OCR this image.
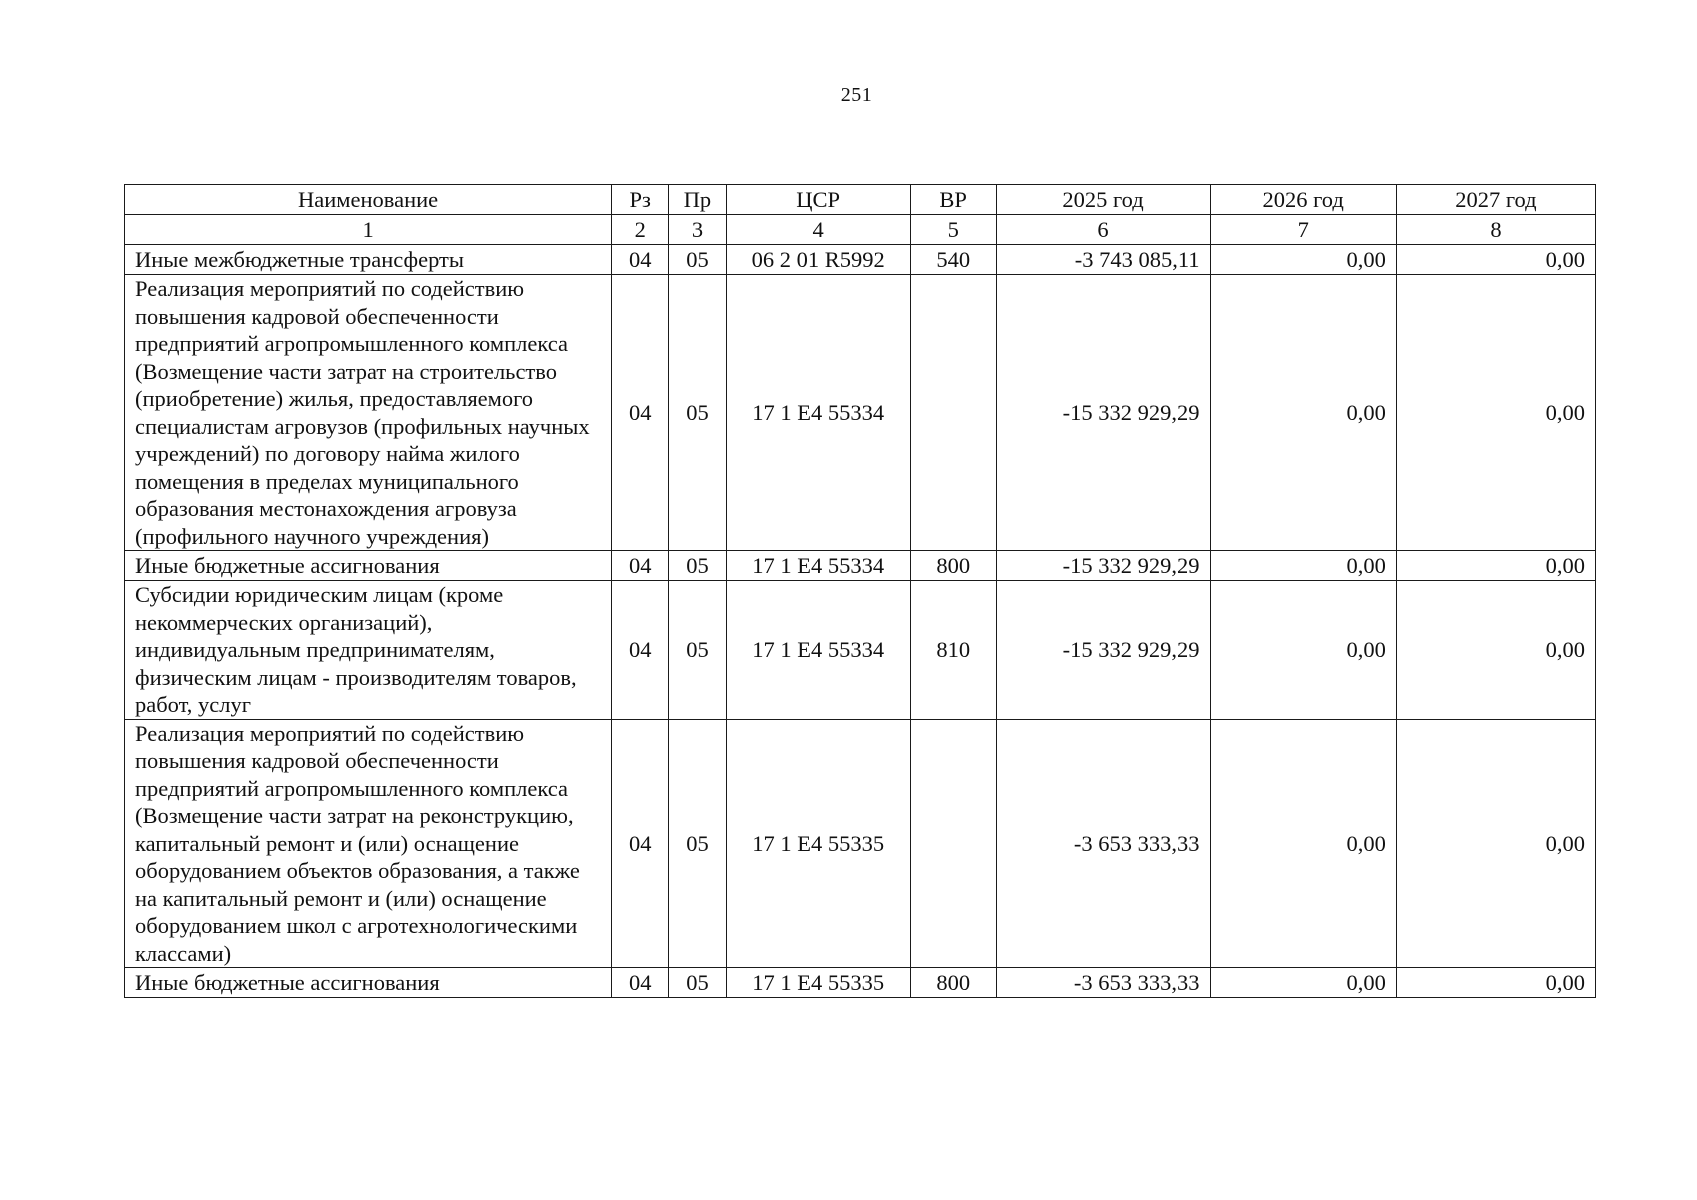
251
Наименование	Рз	Пр	ЦСР	ВР	2025 год	2026 год	2027 год
1	2	3	4	5	6	7	8
Иные межбюджетные трансферты	04	05	06 2 01 R5992	540	-3 743 085,11	0,00	0,00
Реализация мероприятий по содействию повышения кадровой обеспеченности предприятий агропромышленного комплекса (Возмещение части затрат на строительство (приобретение) жилья, предоставляемого специалистам агровузов (профильных научных учреждений) по договору найма жилого помещения в пределах муниципального образования местонахождения агровуза (профильного научного учреждения)	04	05	17 1 E4 55334		-15 332 929,29	0,00	0,00
Иные бюджетные ассигнования	04	05	17 1 E4 55334	800	-15 332 929,29	0,00	0,00
Субсидии юридическим лицам (кроме некоммерческих организаций), индивидуальным предпринимателям, физическим лицам - производителям товаров, работ, услуг	04	05	17 1 E4 55334	810	-15 332 929,29	0,00	0,00
Реализация мероприятий по содействию повышения кадровой обеспеченности предприятий агропромышленного комплекса (Возмещение части затрат на реконструкцию, капитальный ремонт и (или) оснащение оборудованием объектов образования, а также на капитальный ремонт и (или) оснащение оборудованием школ с агротехнологическими классами)	04	05	17 1 E4 55335		-3 653 333,33	0,00	0,00
Иные бюджетные ассигнования	04	05	17 1 E4 55335	800	-3 653 333,33	0,00	0,00
